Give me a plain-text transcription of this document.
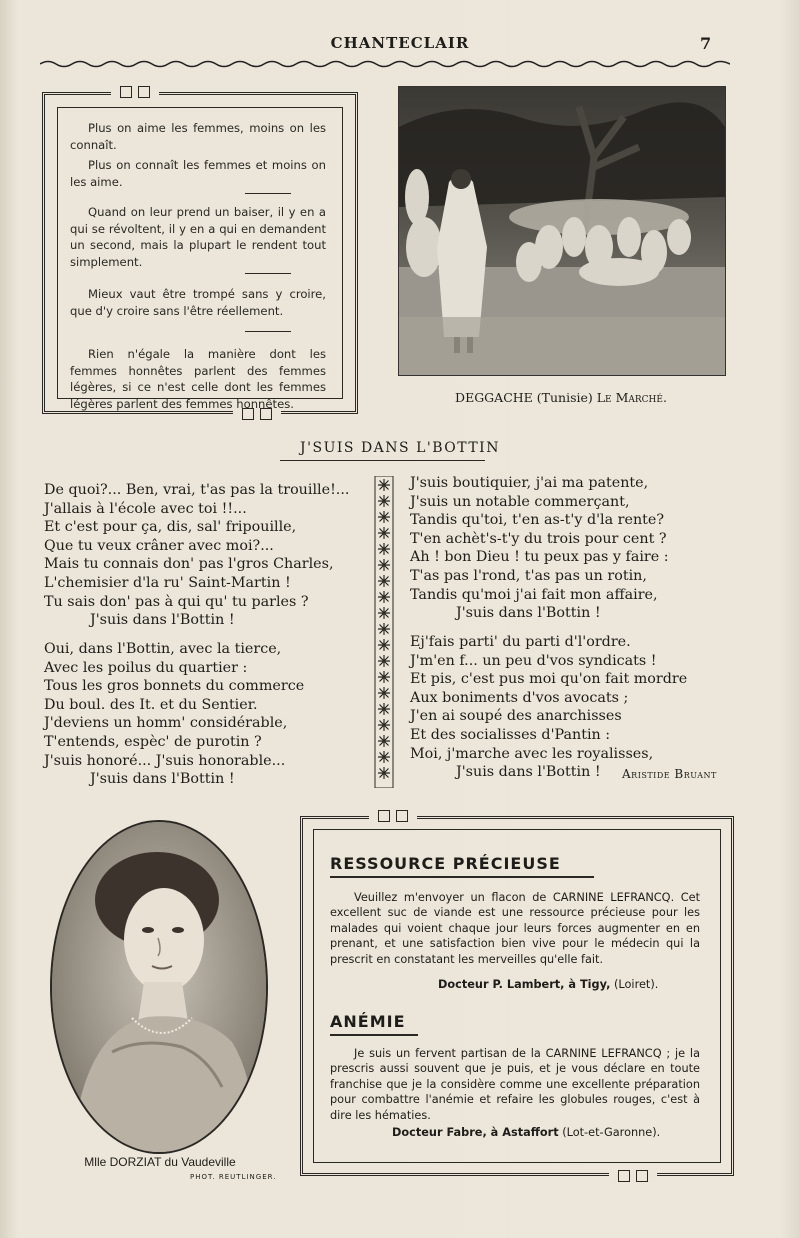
CHANTECLAIR	7

Plus on aime les femmes, moins on les connaît.

Plus on connaît les femmes et moins on les aime.

Quand on leur prend un baiser, il y en a qui se révoltent, il y en a qui en demandent un second, mais la plupart le rendent tout simplement.

Mieux vaut être trompé sans y croire, que d'y croire sans l'être réellement.

Rien n'égale la manière dont les femmes honnêtes parlent des femmes légères, si ce n'est celle dont les femmes légères parlent des femmes honnêtes.	DEGGACHE (Tunisie) Le Marché.
J'SUIS DANS L'BOTTIN
De quoi?... Ben, vrai, t'as pas la trouille!...
J'allais à l'école avec toi !!...
Et c'est pour ça, dis, sal' fripouille,
Que tu veux crâner avec moi?...
Mais tu connais don' pas l'gros Charles,
L'chemisier d'la ru' Saint-Martin !
Tu sais don' pas à qui qu' tu parles ?
J'suis dans l'Bottin !
Oui, dans l'Bottin, avec la tierce,
Avec les poilus du quartier :
Tous les gros bonnets du commerce
Du boul. des It. et du Sentier.
J'deviens un homm' considérable,
T'entends, espèc' de purotin ?
J'suis honoré... J'suis honorable...
J'suis dans l'Bottin !
J'suis boutiquier, j'ai ma patente,
J'suis un notable commerçant,
Tandis qu'toi, t'en as-t'y d'la rente?
T'en achèt's-t'y du trois pour cent ?
Ah ! bon Dieu ! tu peux pas y faire :
T'as pas l'rond, t'as pas un rotin,
Tandis qu'moi j'ai fait mon affaire,
J'suis dans l'Bottin !
Ej'fais parti' du parti d'l'ordre.
J'm'en f... un peu d'vos syndicats !
Et pis, c'est pus moi qu'on fait mordre
Aux boniments d'vos avocats ;
J'en ai soupé des anarchisses
Et des socialisses d'Pantin :
Moi, j'marche avec les royalisses,
J'suis dans l'Bottin !	Aristide Bruant
Mlle DORZIAT du Vaudeville
PHOT. REUTLINGER.
RESSOURCE PRÉCIEUSE
Veuillez m'envoyer un flacon de CARNINE LEFRANCQ. Cet excellent suc de viande est une ressource précieuse pour les malades qui voient chaque jour leurs forces augmenter en en prenant, et une satisfaction bien vive pour le médecin qui la prescrit en constatant les merveilles qu'elle fait.
Docteur P. Lambert, à Tigy, (Loiret).
ANÉMIE
Je suis un fervent partisan de la CARNINE LEFRANCQ ; je la prescris aussi souvent que je puis, et je vous déclare en toute franchise que je la considère comme une excellente préparation pour combattre l'anémie et refaire les globules rouges, c'est à dire les hématies.
Docteur Fabre, à Astaffort (Lot-et-Garonne).
